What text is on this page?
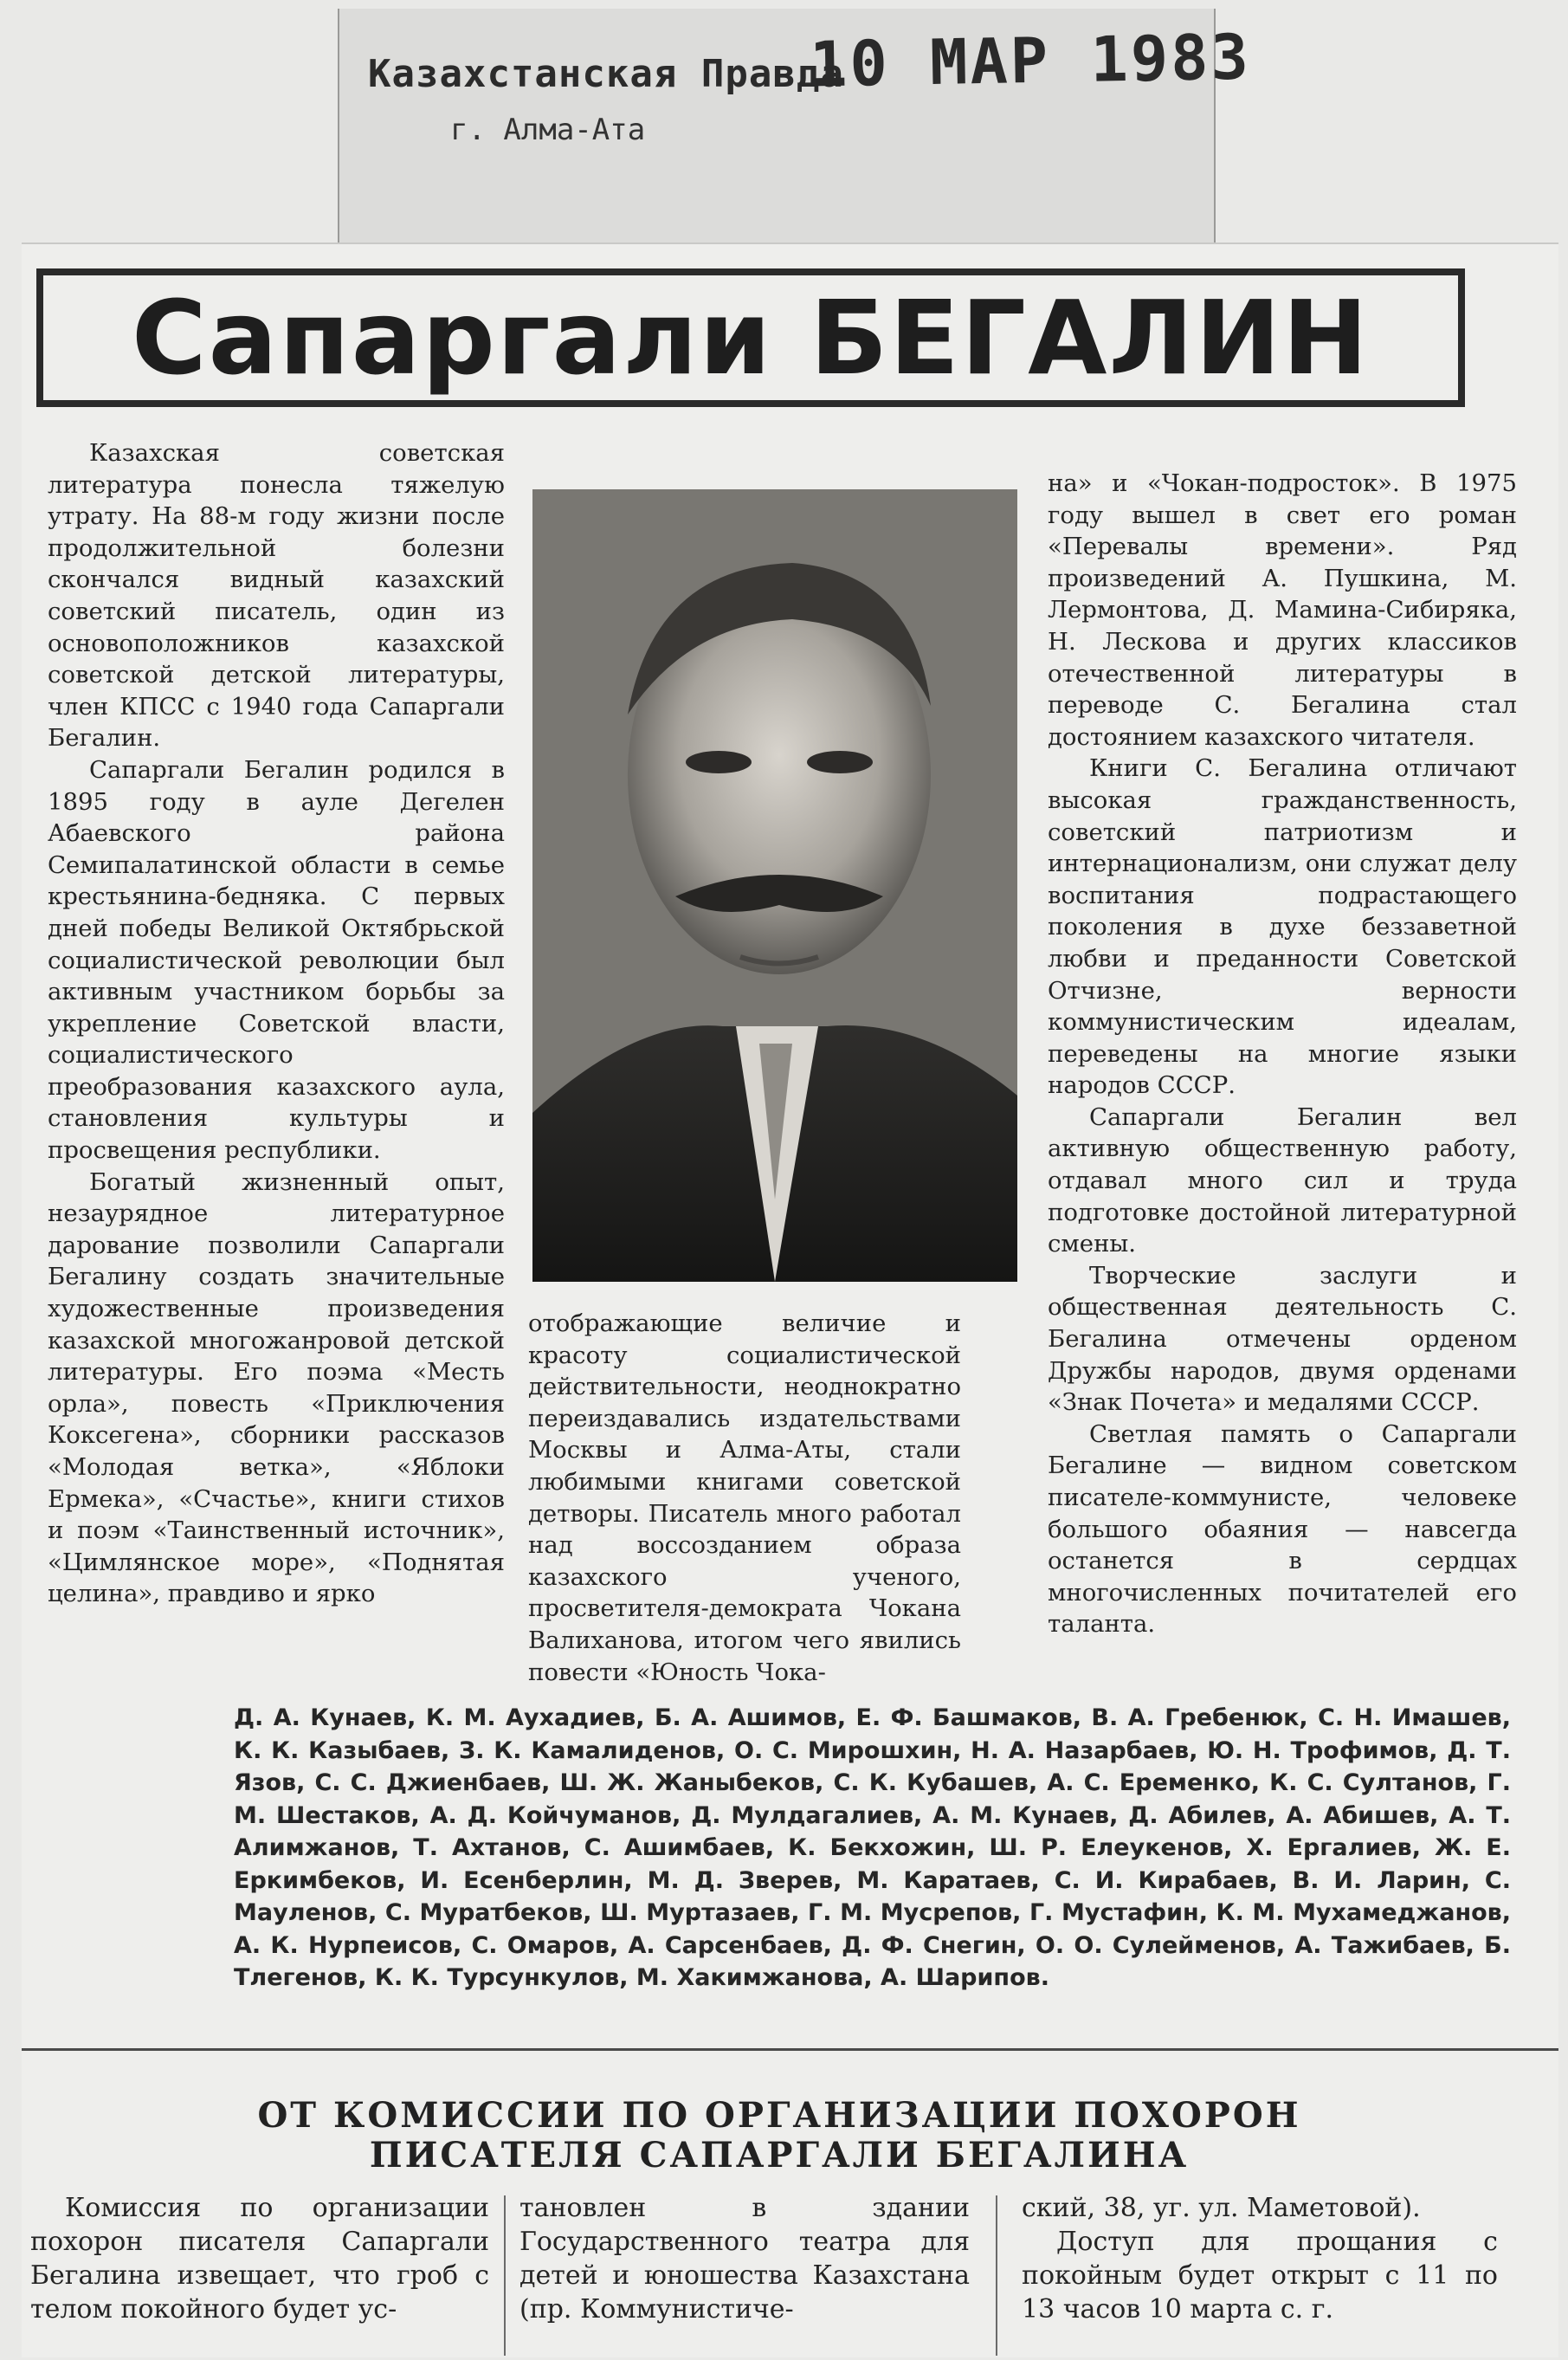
Казахстанская Правда
г. Алма-Ата
10 МАР 1983
Сапаргали БЕГАЛИН

Казахская советская литература понесла тяжелую утрату. На 88-м году жизни после продолжительной болезни скончался видный казахский советский писатель, один из основоположников казахской советской детской литературы, член КПСС с 1940 года Сапаргали Бегалин.

Сапаргали Бегалин родился в 1895 году в ауле Дегелен Абаевского района Семипалатинской области в семье крестьянина-бедняка. С первых дней победы Великой Октябрьской социалистической революции был активным участником борьбы за укрепление Советской власти, социалистического преобразования казахского аула, становления культуры и просвещения республики.

Богатый жизненный опыт, незаурядное литературное дарование позволили Сапаргали Бегалину создать значительные художественные произведения казахской многожанровой детской литературы. Его поэма «Месть орла», повесть «Приключения Коксегена», сборники рассказов «Молодая ветка», «Яблоки Ермека», «Счастье», книги стихов и поэм «Таинственный источник», «Цимлянское море», «Поднятая целина», правдиво и ярко

отображающие величие и красоту социалистической действительности, неоднократно переиздавались издательствами Москвы и Алма-Аты, стали любимыми книгами советской детворы. Писатель много работал над воссозданием образа казахского ученого, просветителя-демократа Чокана Валиханова, итогом чего явились повести «Юность Чока-

на» и «Чокан-подросток». В 1975 году вышел в свет его роман «Перевалы времени». Ряд произведений А. Пушкина, М. Лермонтова, Д. Мамина-Сибиряка, Н. Лескова и других классиков отечественной литературы в переводе С. Бегалина стал достоянием казахского читателя.

Книги С. Бегалина отличают высокая гражданственность, советский патриотизм и интернационализм, они служат делу воспитания подрастающего поколения в духе беззаветной любви и преданности Советской Отчизне, верности коммунистическим идеалам, переведены на многие языки народов СССР.

Сапаргали Бегалин вел активную общественную работу, отдавал много сил и труда подготовке достойной литературной смены.

Творческие заслуги и общественная деятельность С. Бегалина отмечены орденом Дружбы народов, двумя орденами «Знак Почета» и медалями СССР.

Светлая память о Сапаргали Бегалине — видном советском писателе-коммунисте, человеке большого обаяния — навсегда останется в сердцах многочисленных почитателей его таланта.

Д. А. Кунаев, К. М. Аухадиев, Б. А. Ашимов, Е. Ф. Башмаков, В. А. Гребенюк, С. Н. Имашев, К. К. Казыбаев, З. К. Камалиденов, О. С. Мирошхин, Н. А. Назарбаев, Ю. Н. Трофимов, Д. Т. Язов, С. С. Джиенбаев, Ш. Ж. Жаныбеков, С. К. Кубашев, А. С. Еременко, К. С. Султанов, Г. М. Шестаков, А. Д. Койчуманов, Д. Мулдагалиев, А. М. Кунаев, Д. Абилев, А. Абишев, А. Т. Алимжанов, Т. Ахтанов, С. Ашимбаев, К. Бекхожин, Ш. Р. Елеукенов, Х. Ергалиев, Ж. Е. Еркимбеков, И. Есенберлин, М. Д. Зверев, М. Каратаев, С. И. Кирабаев, В. И. Ларин, С. Мауленов, С. Муратбеков, Ш. Муртазаев, Г. М. Мусрепов, Г. Мустафин, К. М. Мухамеджанов, А. К. Нурпеисов, С. Омаров, А. Сарсенбаев, Д. Ф. Снегин, О. О. Сулейменов, А. Тажибаев, Б. Тлегенов, К. К. Турсункулов, М. Хакимжанова, А. Шарипов.
ОТ КОМИССИИ ПО ОРГАНИЗАЦИИ ПОХОРОН
ПИСАТЕЛЯ САПАРГАЛИ БЕГАЛИНА

Комиссия по организации похорон писателя Сапаргали Бегалина извещает, что гроб с телом покойного будет ус-

тановлен в здании Государственного театра для детей и юношества Казахстана (пр. Коммунистиче-

ский, 38, уг. ул. Маметовой).

Доступ для прощания с покойным будет открыт с 11 по 13 часов 10 марта с. г.
